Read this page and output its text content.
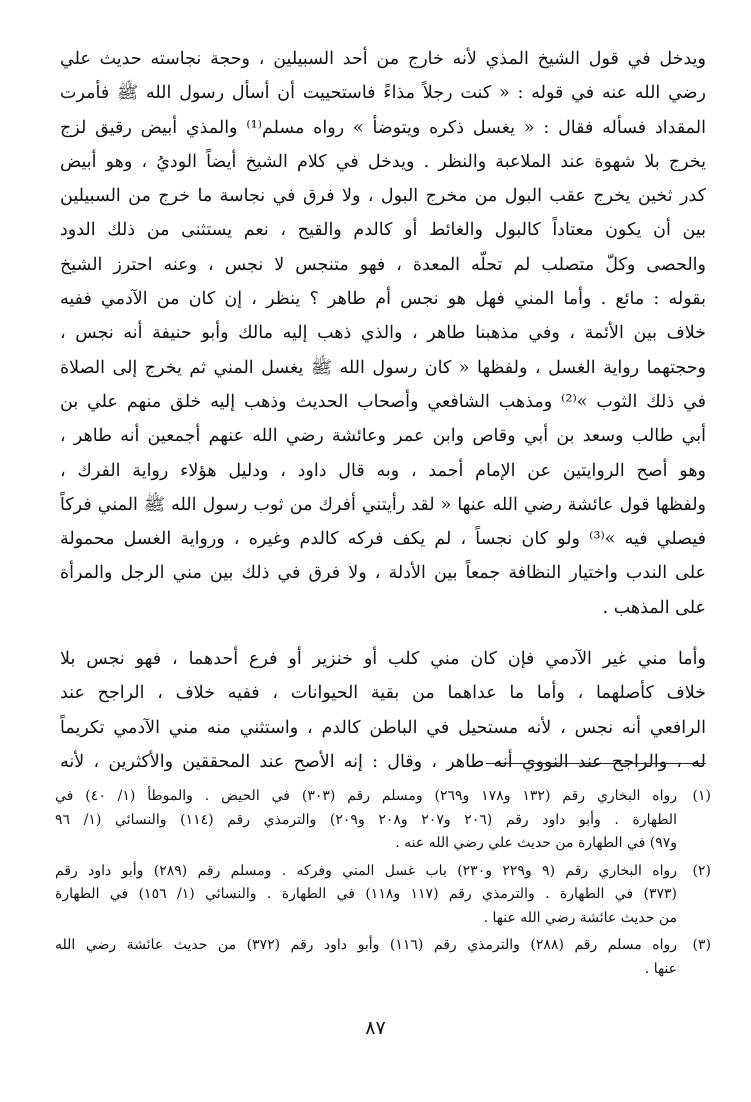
ويدخل في قول الشيخ المذي لأنه خارج من أحد السبيلين ، وحجة نجاسته حديث علي
رضي الله عنه في قوله : « كنت رجلاً مذاءً فاستحييت أن أسأل رسول الله ﷺ فأمرت
المقداد فسأله فقال : « يغسل ذكره ويتوضأ » رواه مسلم⁽¹⁾ والمذي أبيض رقيق لزج
يخرج بلا شهوة عند الملاعبة والنظر . ويدخل في كلام الشيخ أيضاً الوديُ ، وهو أبيض
كدر ثخين يخرج عقب البول من مخرج البول ، ولا فرق في نجاسة ما خرج من السبيلين
بين أن يكون معتاداً كالبول والغائط أو كالدم والقيح ، نعم يستثنى من ذلك الدود
والحصى وكلّ متصلب لم تحلّه المعدة ، فهو متنجس لا نجس ، وعنه احترز الشيخ
بقوله : مائع . وأما المني فهل هو نجس أم طاهر ؟ ينظر ، إن كان من الآدمي ففيه
خلاف بين الأئمة ، وفي مذهبنا طاهر ، والذي ذهب إليه مالك وأبو حنيفة أنه نجس ،
وحجتهما رواية الغسل ، ولفظها « كان رسول الله ﷺ يغسل المني ثم يخرج إلى الصلاة
في ذلك الثوب »⁽²⁾ ومذهب الشافعي وأصحاب الحديث وذهب إليه خلق منهم علي بن
أبي طالب وسعد بن أبي وقاص وابن عمر وعائشة رضي الله عنهم أجمعين أنه طاهر ،
وهو أصح الروايتين عن الإمام أحمد ، وبه قال داود ، ودليل هؤلاء رواية الفرك ،
ولفظها قول عائشة رضي الله عنها « لقد رأيتني أفرك من ثوب رسول الله ﷺ المني فركاً
فيصلي فيه »⁽³⁾ ولو كان نجساً ، لم يكف فركه كالدم وغيره ، ورواية الغسل محمولة
على الندب واختيار النظافة جمعاً بين الأدلة ، ولا فرق في ذلك بين مني الرجل والمرأة
على المذهب .

وأما مني غير الآدمي فإن كان مني كلب أو خنزير أو فرع أحدهما ، فهو نجس بلا
خلاف كأصلهما ، وأما ما عداهما من بقية الحيوانات ، ففيه خلاف ، الراجح عند
الرافعي أنه نجس ، لأنه مستحيل في الباطن كالدم ، واستثني منه مني الآدمي تكريماً
له ، والراجح عند النووي أنه طاهر ، وقال : إنه الأصح عند المحققين والأكثرين ، لأنه

(١)
رواه البخاري رقم (١٣٢ و١٧٨ و٢٦٩) ومسلم رقم (٣٠٣) في الحيض . والموطأ (١/ ٤٠) في
الطهارة . وأبو داود رقم (٢٠٦ و٢٠٧ و٢٠٨ و٢٠٩) والترمذي رقم (١١٤) والنسائي (١/ ٩٦
و٩٧) في الطهارة من حديث علي رضي الله عنه .
(٢)
رواه البخاري رقم (٩ و٢٢٩ و٢٣٠) باب غسل المني وفركه . ومسلم رقم (٢٨٩) وأبو داود رقم
(٣٧٣) في الطهارة . والترمذي رقم (١١٧ و١١٨) في الطهارة . والنسائي (١/ ١٥٦) في الطهارة
من حديث عائشة رضي الله عنها .
(٣)
رواه مسلم رقم (٢٨٨) والترمذي رقم (١١٦) وأبو داود رقم (٣٧٢) من حديث عائشة رضي الله
عنها .
٨٧
